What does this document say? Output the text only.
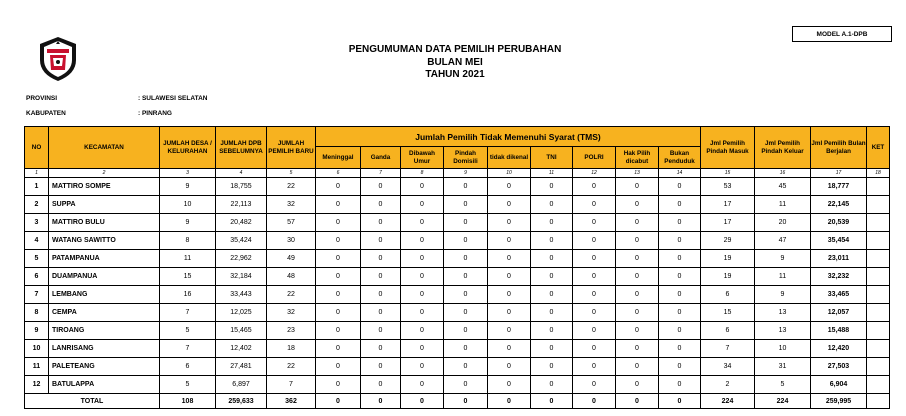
MODEL A.1-DPB
PENGUMUMAN DATA PEMILIH PERUBAHAN
BULAN MEI
TAHUN 2021
PROVINSI	: SULAWESI SELATAN
KABUPATEN	: PINRANG
NO	KECAMATAN	JUMLAH DESA / KELURAHAN	JUMLAH DPB SEBELUMNYA	JUMLAH PEMILIH BARU	Jumlah Pemilih Tidak Memenuhi Syarat (TMS)									Jml Pemilih Pindah Masuk	Jml Pemilih Pindah Keluar	Jml Pemilih Bulan Berjalan	KET
					Meninggal	Ganda	Dibawah Umur	Pindah Domisili	tidak dikenal	TNI	POLRI	Hak Pilih dicabut	Bukan Penduduk				
1	2	3	4	5	6	7	8	9	10	11	12	13	14	15	16	17	18
1	MATTIRO SOMPE	9	18,755	22	0	0	0	0	0	0	0	0	0	53	45	18,777	
2	SUPPA	10	22,113	32	0	0	0	0	0	0	0	0	0	17	11	22,145	
3	MATTIRO BULU	9	20,482	57	0	0	0	0	0	0	0	0	0	17	20	20,539	
4	WATANG SAWITTO	8	35,424	30	0	0	0	0	0	0	0	0	0	29	47	35,454	
5	PATAMPANUA	11	22,962	49	0	0	0	0	0	0	0	0	0	19	9	23,011	
6	DUAMPANUA	15	32,184	48	0	0	0	0	0	0	0	0	0	19	11	32,232	
7	LEMBANG	16	33,443	22	0	0	0	0	0	0	0	0	0	6	9	33,465	
8	CEMPA	7	12,025	32	0	0	0	0	0	0	0	0	0	15	13	12,057	
9	TIROANG	5	15,465	23	0	0	0	0	0	0	0	0	0	6	13	15,488	
10	LANRISANG	7	12,402	18	0	0	0	0	0	0	0	0	0	7	10	12,420	
11	PALETEANG	6	27,481	22	0	0	0	0	0	0	0	0	0	34	31	27,503	
12	BATULAPPA	5	6,897	7	0	0	0	0	0	0	0	0	0	2	5	6,904	
TOTAL		108	259,633	362	0	0	0	0	0	0	0	0	0	224	224	259,995	
